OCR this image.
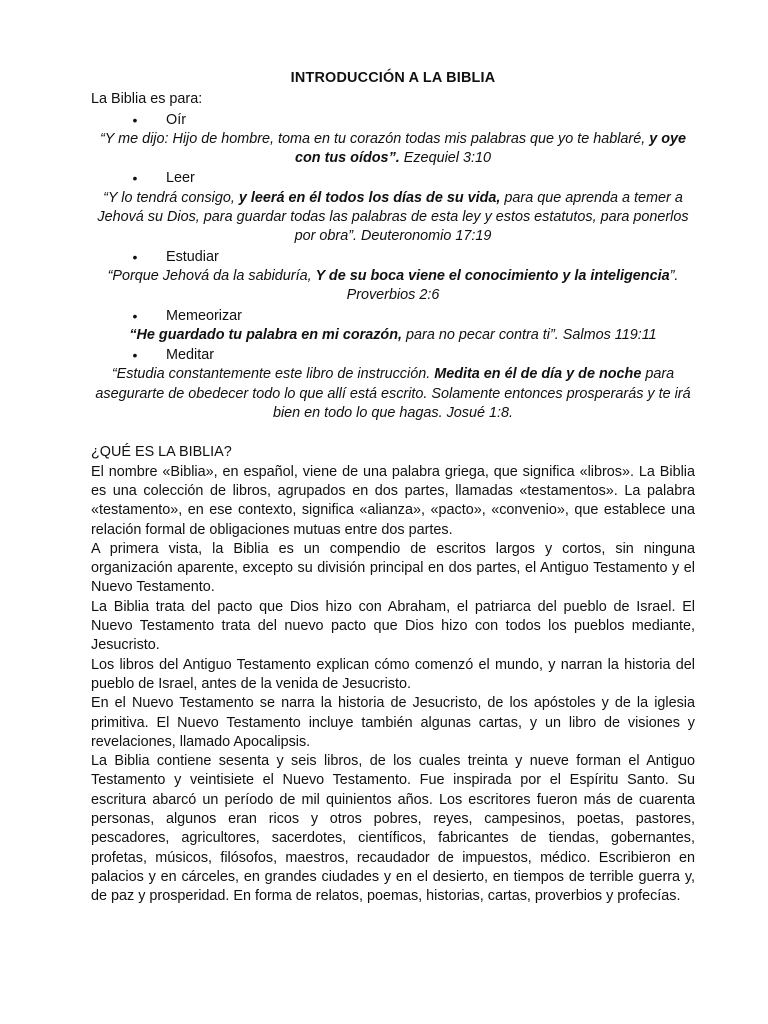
INTRODUCCIÓN A LA BIBLIA
La Biblia es para:
•
Oír
“Y me dijo: Hijo de hombre, toma en tu corazón todas mis palabras que yo te hablaré, y oye con tus oídos”. Ezequiel 3:10
•
Leer
“Y lo tendrá consigo, y leerá en él todos los días de su vida, para que aprenda a temer a Jehová su Dios, para guardar todas las palabras de esta ley y estos estatutos, para ponerlos por obra”. Deuteronomio 17:19
•
Estudiar
“Porque Jehová da la sabiduría, Y de su boca viene el conocimiento y la inteligencia”. Proverbios 2:6
•
Memeorizar
“He guardado tu palabra en mi corazón, para no pecar contra ti”. Salmos 119:11
•
Meditar
“Estudia constantemente este libro de instrucción. Medita en él de día y de noche para asegurarte de obedecer todo lo que allí está escrito. Solamente entonces prosperarás y te irá bien en todo lo que hagas. Josué 1:8.
¿QUÉ ES LA BIBLIA?

El nombre «Biblia», en español, viene de una palabra griega, que significa «libros». La Biblia es una colección de libros, agrupados en dos partes, llamadas «testamentos». La palabra «testamento», en ese contexto, significa «alianza», «pacto», «convenio», que establece una relación formal de obligaciones mutuas entre dos partes.

A primera vista, la Biblia es un compendio de escritos largos y cortos, sin ninguna organización aparente, excepto su división principal en dos partes, el Antiguo Testamento y el Nuevo Testamento.

La Biblia trata del pacto que Dios hizo con Abraham, el patriarca del pueblo de Israel. El Nuevo Testamento trata del nuevo pacto que Dios hizo con todos los pueblos mediante, Jesucristo.

Los libros del Antiguo Testamento explican cómo comenzó el mundo, y narran la historia del pueblo de Israel, antes de la venida de Jesucristo.

En el Nuevo Testamento se narra la historia de Jesucristo, de los apóstoles y de la iglesia primitiva. El Nuevo Testamento incluye también algunas cartas, y un libro de visiones y revelaciones, llamado Apocalipsis.

La Biblia contiene sesenta y seis libros, de los cuales treinta y nueve forman el Antiguo Testamento y veintisiete el Nuevo Testamento. Fue inspirada por el Espíritu Santo. Su escritura abarcó un período de mil quinientos años. Los escritores fueron más de cuarenta personas, algunos eran ricos y otros pobres, reyes, campesinos, poetas, pastores, pescadores, agricultores, sacerdotes, científicos, fabricantes de tiendas, gobernantes, profetas, músicos, filósofos, maestros, recaudador de impuestos, médico. Escribieron en palacios y en cárceles, en grandes ciudades y en el desierto, en tiempos de terrible guerra y, de paz y prosperidad. En forma de relatos, poemas, historias, cartas, proverbios y profecías.
